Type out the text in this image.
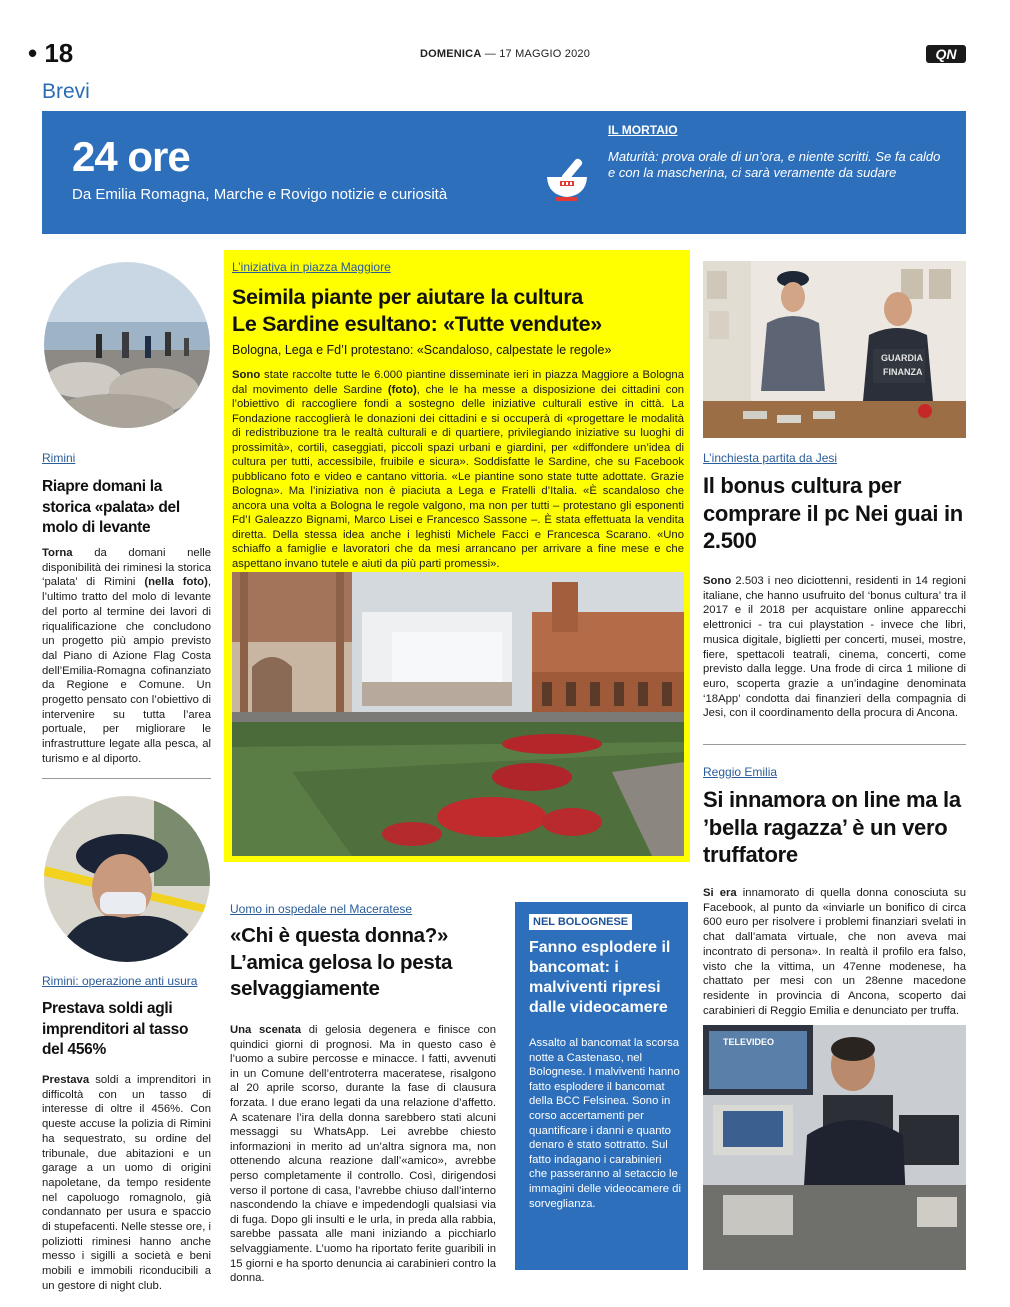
• 18	DOMENICA — 17 MAGGIO 2020	QN
Brevi
24 ore
Da Emilia Romagna, Marche e Rovigo notizie e curiosità
IL MORTAIO
Maturità: prova orale di un’ora, e niente scritti. Se fa caldo e con la mascherina, ci sarà veramente da sudare
Rimini
Riapre domani la storica «palata» del molo di levante
Torna da domani nelle disponibilità dei riminesi la storica ‘palata’ di Rimini (nella foto), l’ultimo tratto del molo di levante del porto al termine dei lavori di riqualificazione che concludono un progetto più ampio previsto dal Piano di Azione Flag Costa dell’Emilia-Romagna cofinanziato da Regione e Comune. Un progetto pensato con l’obiettivo di intervenire su tutta l’area portuale, per migliorare le infrastrutture legate alla pesca, al turismo e al diporto.
Rimini: operazione anti usura
Prestava soldi agli imprenditori al tasso del 456%
Prestava soldi a imprenditori in difficoltà con un tasso di interesse di oltre il 456%. Con queste accuse la polizia di Rimini ha sequestrato, su ordine del tribunale, due abitazioni e un garage a un uomo di origini napoletane, da tempo residente nel capoluogo romagnolo, già condannato per usura e spaccio di stupefacenti. Nelle stesse ore, i poliziotti riminesi hanno anche messo i sigilli a società e beni mobili e immobili riconducibili a un gestore di night club.
L’iniziativa in piazza Maggiore
Seimila piante per aiutare la cultura
Le Sardine esultano: «Tutte vendute»
Bologna, Lega e Fd’I protestano: «Scandaloso, calpestate le regole»
Sono state raccolte tutte le 6.000 piantine disseminate ieri in piazza Maggiore a Bologna dal movimento delle Sardine (foto), che le ha messe a disposizione dei cittadini con l’obiettivo di raccogliere fondi a sostegno delle iniziative culturali estive in città. La Fondazione raccoglierà le donazioni dei cittadini e si occuperà di «progettare le modalità di redistribuzione tra le realtà culturali e di quartiere, privilegiando iniziative su luoghi di prossimità», cortili, caseggiati, piccoli spazi urbani e giardini, per «diffondere un’idea di cultura per tutti, accessibile, fruibile e sicura». Soddisfatte le Sardine, che su Facebook pubblicano foto e video e cantano vittoria. «Le piantine sono state tutte adottate. Grazie Bologna». Ma l’iniziativa non è piaciuta a Lega e Fratelli d’Italia. «È scandaloso che ancora una volta a Bologna le regole valgono, ma non per tutti – protestano gli esponenti Fd’I Galeazzo Bignami, Marco Lisei e Francesco Sassone –. È stata effettuata la vendita diretta. Della stessa idea anche i leghisti Michele Facci e Francesca Scarano. «Uno schiaffo a famiglie e lavoratori che da mesi arrancano per arrivare a fine mese e che aspettano invano tutele e aiuti da più parti promessi».
Uomo in ospedale nel Maceratese
«Chi è questa donna?» L’amica gelosa lo pesta selvaggiamente
Una scenata di gelosia degenera e finisce con quindici giorni di prognosi. Ma in questo caso è l’uomo a subire percosse e minacce. I fatti, avvenuti in un Comune dell’entroterra maceratese, risalgono al 20 aprile scorso, durante la fase di clausura forzata. I due erano legati da una relazione d’affetto. A scatenare l’ira della donna sarebbero stati alcuni messaggi su WhatsApp. Lei avrebbe chiesto informazioni in merito ad un’altra signora ma, non ottenendo alcuna reazione dall’«amico», avrebbe perso completamente il controllo. Così, dirigendosi verso il portone di casa, l’avrebbe chiuso dall’interno nascondendo la chiave e impedendogli qualsiasi via di fuga. Dopo gli insulti e le urla, in preda alla rabbia, sarebbe passata alle mani iniziando a picchiarlo selvaggiamente. L’uomo ha riportato ferite guaribili in 15 giorni e ha sporto denuncia ai carabinieri contro la donna.
NEL BOLOGNESE
Fanno esplodere il bancomat: i malviventi ripresi dalle videocamere
Assalto al bancomat la scorsa notte a Castenaso, nel Bolognese. I malviventi hanno fatto esplodere il bancomat della BCC Felsinea. Sono in corso accertamenti per quantificare i danni e quanto denaro è stato sottratto. Sul fatto indagano i carabinieri che passeranno al setaccio le immagini delle videocamere di sorveglianza.
GUARDIA
FINANZA
L’inchiesta partita da Jesi
Il bonus cultura per comprare il pc Nei guai in 2.500
Sono 2.503 i neo diciottenni, residenti in 14 regioni italiane, che hanno usufruito del ‘bonus cultura’ tra il 2017 e il 2018 per acquistare online apparecchi elettronici - tra cui playstation - invece che libri, musica digitale, biglietti per concerti, musei, mostre, fiere, spettacoli teatrali, cinema, concerti, come previsto dalla legge. Una frode di circa 1 milione di euro, scoperta grazie a un’indagine denominata ‘18App’ condotta dai finanzieri della compagnia di Jesi, con il coordinamento della procura di Ancona.
Reggio Emilia
Si innamora on line ma la ’bella ragazza’ è un vero truffatore
Si era innamorato di quella donna conosciuta su Facebook, al punto da «inviarle un bonifico di circa 600 euro per risolvere i problemi finanziari svelati in chat dall’amata virtuale, che non aveva mai incontrato di persona». In realtà il profilo era falso, visto che la vittima, un 47enne modenese, ha chattato per mesi con un 28enne macedone residente in provincia di Ancona, scoperto dai carabinieri di Reggio Emilia e denunciato per truffa.
TELEVIDEO
